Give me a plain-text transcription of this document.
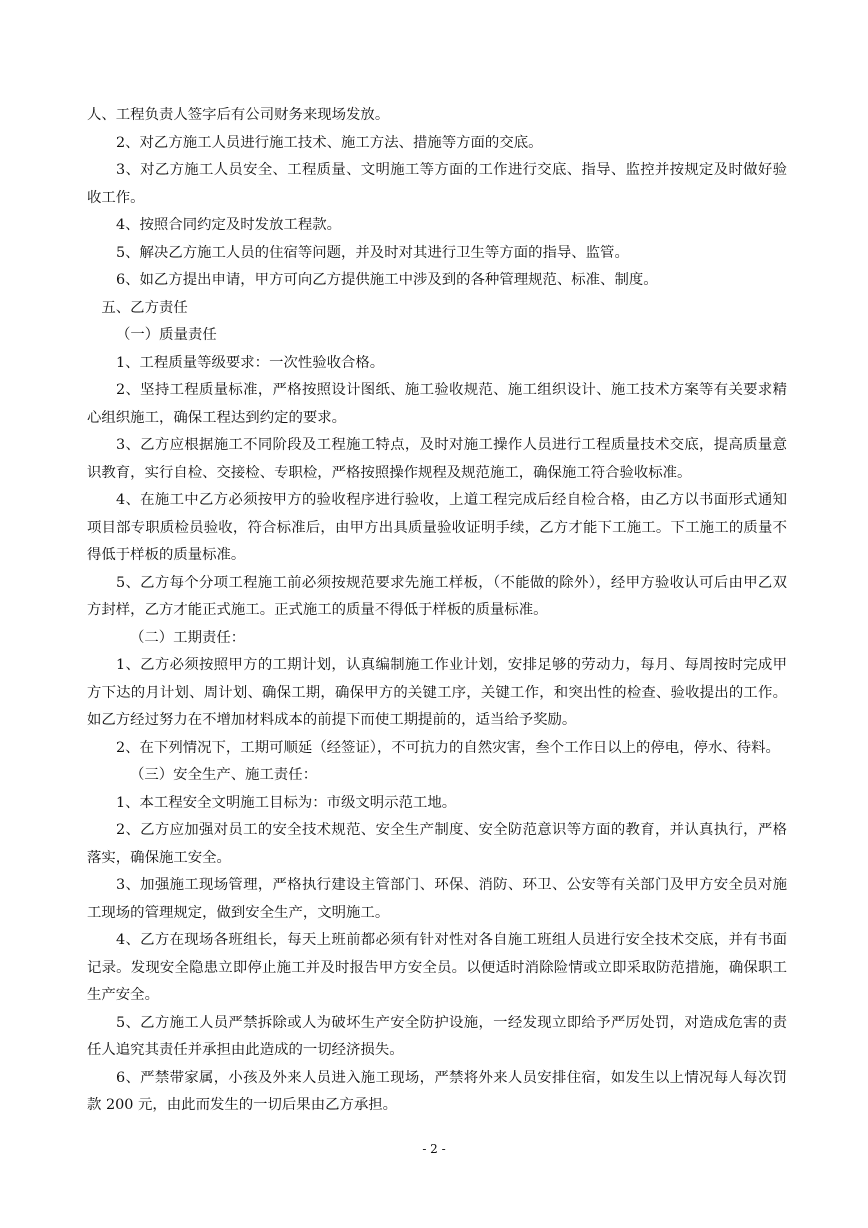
人、工程负责人签字后有公司财务来现场发放。

2、对乙方施工人员进行施工技术、施工方法、措施等方面的交底。

3、对乙方施工人员安全、工程质量、文明施工等方面的工作进行交底、指导、监控并按规定及时做好验收工作。

4、按照合同约定及时发放工程款。

5、解决乙方施工人员的住宿等问题，并及时对其进行卫生等方面的指导、监管。

6、如乙方提出申请，甲方可向乙方提供施工中涉及到的各种管理规范、标准、制度。

　五、乙方责任

（一）质量责任

1、工程质量等级要求：一次性验收合格。

2、坚持工程质量标准，严格按照设计图纸、施工验收规范、施工组织设计、施工技术方案等有关要求精心组织施工，确保工程达到约定的要求。

3、乙方应根据施工不同阶段及工程施工特点，及时对施工操作人员进行工程质量技术交底，提高质量意识教育，实行自检、交接检、专职检，严格按照操作规程及规范施工，确保施工符合验收标准。

4、在施工中乙方必须按甲方的验收程序进行验收，上道工程完成后经自检合格，由乙方以书面形式通知项目部专职质检员验收，符合标准后，由甲方出具质量验收证明手续，乙方才能下工施工。下工施工的质量不得低于样板的质量标准。

5、乙方每个分项工程施工前必须按规范要求先施工样板，（不能做的除外），经甲方验收认可后由甲乙双方封样，乙方才能正式施工。正式施工的质量不得低于样板的质量标准。

（二）工期责任：

1、乙方必须按照甲方的工期计划，认真编制施工作业计划，安排足够的劳动力，每月、每周按时完成甲方下达的月计划、周计划、确保工期，确保甲方的关键工序，关键工作，和突出性的检查、验收提出的工作。如乙方经过努力在不增加材料成本的前提下而使工期提前的，适当给予奖励。

2、在下列情况下，工期可顺延（经签证），不可抗力的自然灾害，叁个工作日以上的停电，停水、待料。

（三）安全生产、施工责任：

1、本工程安全文明施工目标为：市级文明示范工地。

2、乙方应加强对员工的安全技术规范、安全生产制度、安全防范意识等方面的教育，并认真执行，严格落实，确保施工安全。

3、加强施工现场管理，严格执行建设主管部门、环保、消防、环卫、公安等有关部门及甲方安全员对施工现场的管理规定，做到安全生产，文明施工。

4、乙方在现场各班组长，每天上班前都必须有针对性对各自施工班组人员进行安全技术交底，并有书面记录。发现安全隐患立即停止施工并及时报告甲方安全员。以便适时消除险情或立即采取防范措施，确保职工生产安全。

5、乙方施工人员严禁拆除或人为破坏生产安全防护设施，一经发现立即给予严厉处罚，对造成危害的责任人追究其责任并承担由此造成的一切经济损失。

6、严禁带家属，小孩及外来人员进入施工现场，严禁将外来人员安排住宿，如发生以上情况每人每次罚款 200 元，由此而发生的一切后果由乙方承担。

- 2 -
